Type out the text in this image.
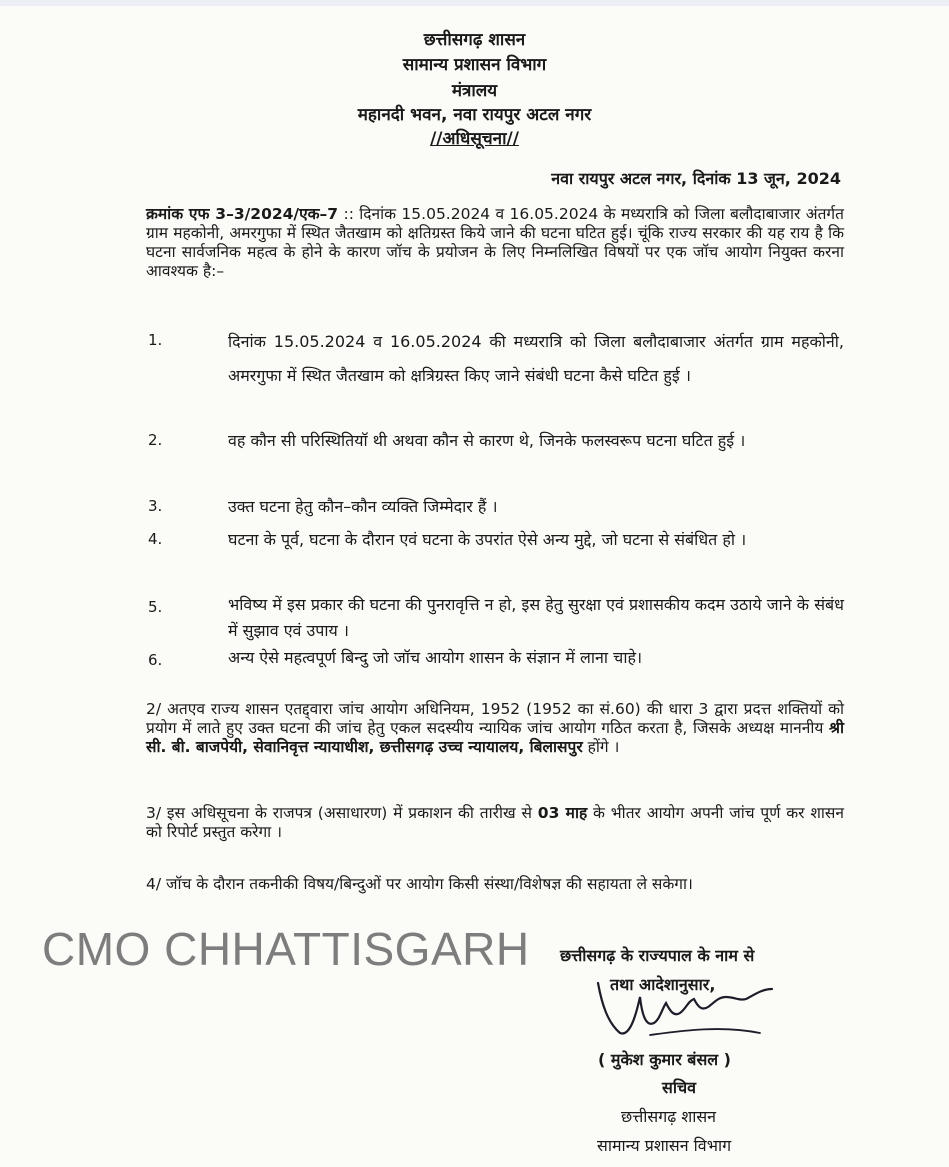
छत्तीसगढ़ शासन
सामान्य प्रशासन विभाग
मंत्रालय
महानदी भवन, नवा रायपुर अटल नगर
//अधिसूचना//
नवा रायपुर अटल नगर, दिनांक 13 जून, 2024
क्रमांक एफ 3–3/2024/एक–7 :: दिनांक 15.05.2024 व 16.05.2024 के मध्यरात्रि को जिला बलौदाबाजार अंतर्गत ग्राम महकोनी, अमरगुफा में स्थित जैतखाम को क्षतिग्रस्त किये जाने की घटना घटित हुई। चूंकि राज्य सरकार की यह राय है कि घटना सार्वजनिक महत्व के होने के कारण जॉच के प्रयोजन के लिए निम्नलिखित विषयों पर एक जॉच आयोग नियुक्त करना आवश्यक है:–
1.	दिनांक 15.05.2024 व 16.05.2024 की मध्यरात्रि को जिला बलौदाबाजार अंतर्गत ग्राम महकोनी, अमरगुफा में स्थित जैतखाम को क्षत्रिग्रस्त किए जाने संबंधी घटना कैसे घटित हुई ।
2.	वह कौन सी परिस्थितियॉ थी अथवा कौन से कारण थे, जिनके फलस्वरूप घटना घटित हुई ।
3.	उक्त घटना हेतु कौन–कौन व्यक्ति जिम्मेदार हैं ।
4.	घटना के पूर्व, घटना के दौरान एवं घटना के उपरांत ऐसे अन्य मुद्दे, जो घटना से संबंधित हो ।
5.	भविष्य में इस प्रकार की घटना की पुनरावृत्ति न हो, इस हेतु सुरक्षा एवं प्रशासकीय कदम उठाये जाने के संबंध में सुझाव एवं उपाय ।
6.	अन्य ऐसे महत्वपूर्ण बिन्दु जो जॉच आयोग शासन के संज्ञान में लाना चाहे।
2/ अतएव राज्य शासन एतद्द्वारा जांच आयोग अधिनियम, 1952 (1952 का सं.60) की धारा 3 द्वारा प्रदत्त शक्तियों को प्रयोग में लाते हुए उक्त घटना की जांच हेतु एकल सदस्यीय न्यायिक जांच आयोग गठित करता है, जिसके अध्यक्ष माननीय श्री सी. बी. बाजपेयी, सेवानिवृत्त न्यायाधीश, छत्तीसगढ़ उच्च न्यायालय, बिलासपुर होंगे ।
3/ इस अधिसूचना के राजपत्र (असाधारण) में प्रकाशन की तारीख से 03 माह के भीतर आयोग अपनी जांच पूर्ण कर शासन को रिपोर्ट प्रस्तुत करेगा ।
4/ जॉच के दौरान तकनीकी विषय/बिन्दुओं पर आयोग किसी संस्था/विशेषज्ञ की सहायता ले सकेगा।
CMO CHHATTISGARH छत्तीसगढ़ के राज्यपाल के नाम से
तथा आदेशानुसार,
( मुकेश कुमार बंसल )
सचिव
छत्तीसगढ़ शासन
सामान्य प्रशासन विभाग
